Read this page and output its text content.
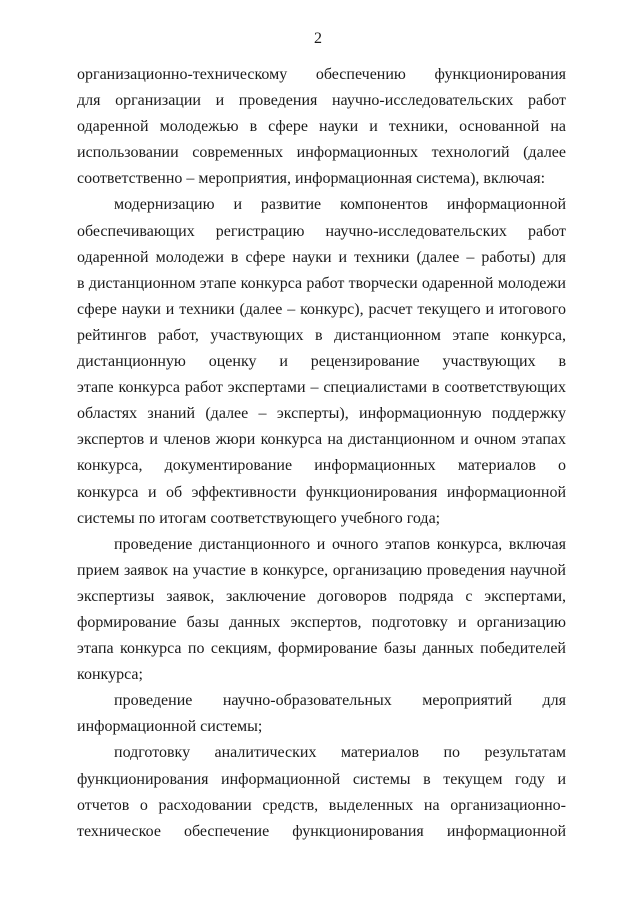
2
организационно-техническому обеспечению функционирования
для организации и проведения научно-исследовательских работ
одаренной молодежью в сфере науки и техники, основанной на
использовании современных информационных технологий (далее
соответственно – мероприятия, информационная система), включая:
модернизацию и развитие компонентов информационной
обеспечивающих регистрацию научно-исследовательских работ
одаренной молодежи в сфере науки и техники (далее – работы) для
в дистанционном этапе конкурса работ творчески одаренной молодежи
сфере науки и техники (далее – конкурс), расчет текущего и итогового
рейтингов работ, участвующих в дистанционном этапе конкурса,
дистанционную оценку и рецензирование участвующих в
этапе конкурса работ экспертами – специалистами в соответствующих
областях знаний (далее – эксперты), информационную поддержку
экспертов и членов жюри конкурса на дистанционном и очном этапах
конкурса, документирование информационных материалов о
конкурса и об эффективности функционирования информационной
системы по итогам соответствующего учебного года;
проведение дистанционного и очного этапов конкурса, включая
прием заявок на участие в конкурсе, организацию проведения научной
экспертизы заявок, заключение договоров подряда с экспертами,
формирование базы данных экспертов, подготовку и организацию
этапа конкурса по секциям, формирование базы данных победителей
конкурса;
проведение научно-образовательных мероприятий для
информационной системы;
подготовку аналитических материалов по результатам
функционирования информационной системы в текущем году и
отчетов о расходовании средств, выделенных на организационно-
техническое обеспечение функционирования информационной
